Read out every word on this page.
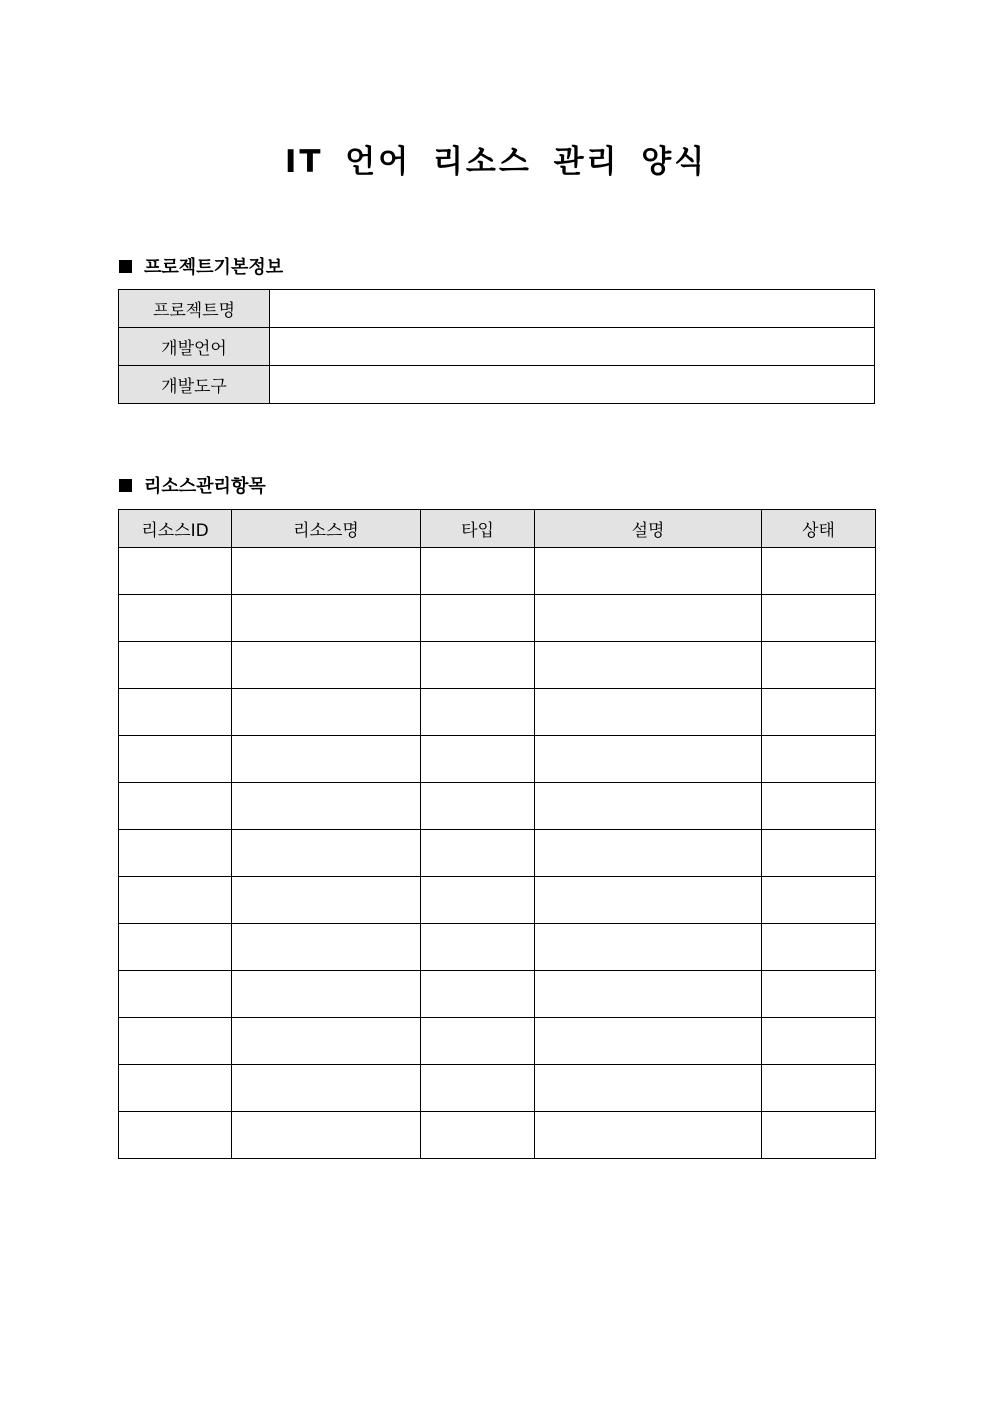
IT 언어 리소스 관리 양식
프로젝트기본정보
프로젝트명	
개발언어	
개발도구	
리소스관리항목
리소스ID	리소스명	타입	설명	상태
